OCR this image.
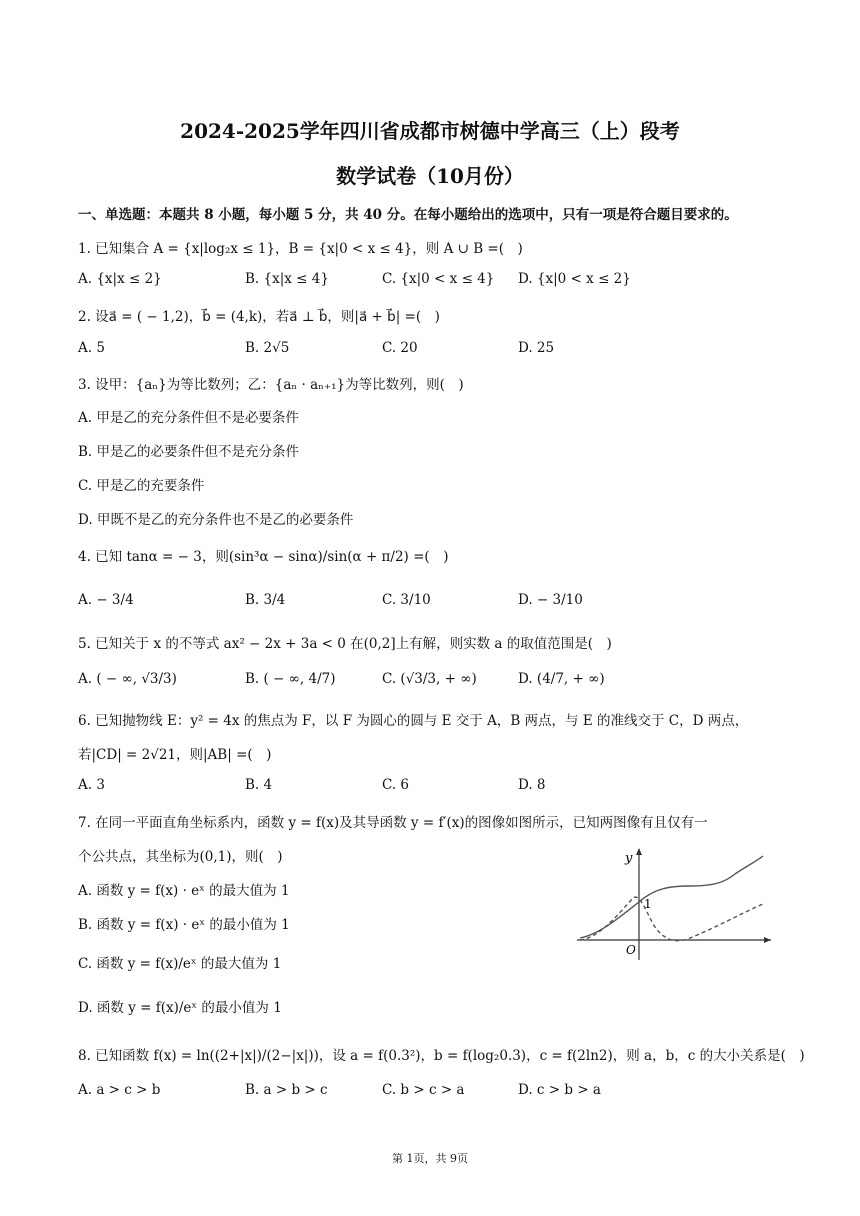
2024-2025学年四川省成都市树德中学高三（上）段考
数学试卷（10月份）
一、单选题：本题共 8 小题，每小题 5 分，共 40 分。在每小题给出的选项中，只有一项是符合题目要求的。
1. 已知集合 A = {x|log₂x ≤ 1}，B = {x|0 < x ≤ 4}，则 A ∪ B =(　)
A. {x|x ≤ 2}	B. {x|x ≤ 4}	C. {x|0 < x ≤ 4} D. {x|0 < x ≤ 2}
2. 设a⃗ = ( − 1,2)，b⃗ = (4,k)，若a⃗ ⊥ b⃗，则|a⃗ + b⃗| =(　)
A. 5	B. 2√5	C. 20	D. 25
3. 设甲：{aₙ}为等比数列；乙：{aₙ · aₙ₊₁}为等比数列，则(　)
A. 甲是乙的充分条件但不是必要条件
B. 甲是乙的必要条件但不是充分条件
C. 甲是乙的充要条件
D. 甲既不是乙的充分条件也不是乙的必要条件
4. 已知 tanα = − 3，则(sin³α − sinα)/sin(α + π/2) =(　)
A. − 3/4	B. 3/4	C. 3/10	D. − 3/10
5. 已知关于 x 的不等式 ax² − 2x + 3a < 0 在(0,2]上有解，则实数 a 的取值范围是(　)
A. ( − ∞, √3/3)	B. ( − ∞, 4/7)	C. (√3/3, + ∞)	D. (4/7, + ∞)
6. 已知抛物线 E：y² = 4x 的焦点为 F，以 F 为圆心的圆与 E 交于 A，B 两点，与 E 的准线交于 C，D 两点，
若|CD| = 2√21，则|AB| =(　)
A. 3	B. 4	C. 6	D. 8
7. 在同一平面直角坐标系内，函数 y = f(x)及其导函数 y = f′(x)的图像如图所示，已知两图像有且仅有一
个公共点，其坐标为(0,1)，则(　)
A. 函数 y = f(x) · eˣ 的最大值为 1
B. 函数 y = f(x) · eˣ 的最小值为 1
C. 函数 y = f(x)/eˣ 的最大值为 1
D. 函数 y = f(x)/eˣ 的最小值为 1
y
O
1
8. 已知函数 f(x) = ln((2+|x|)/(2−|x|))，设 a = f(0.3²)，b = f(log₂0.3)，c = f(2ln2)，则 a，b，c 的大小关系是(　)
A. a > c > b	B. a > b > c	C. b > c > a	D. c > b > a
第 1页，共 9页
